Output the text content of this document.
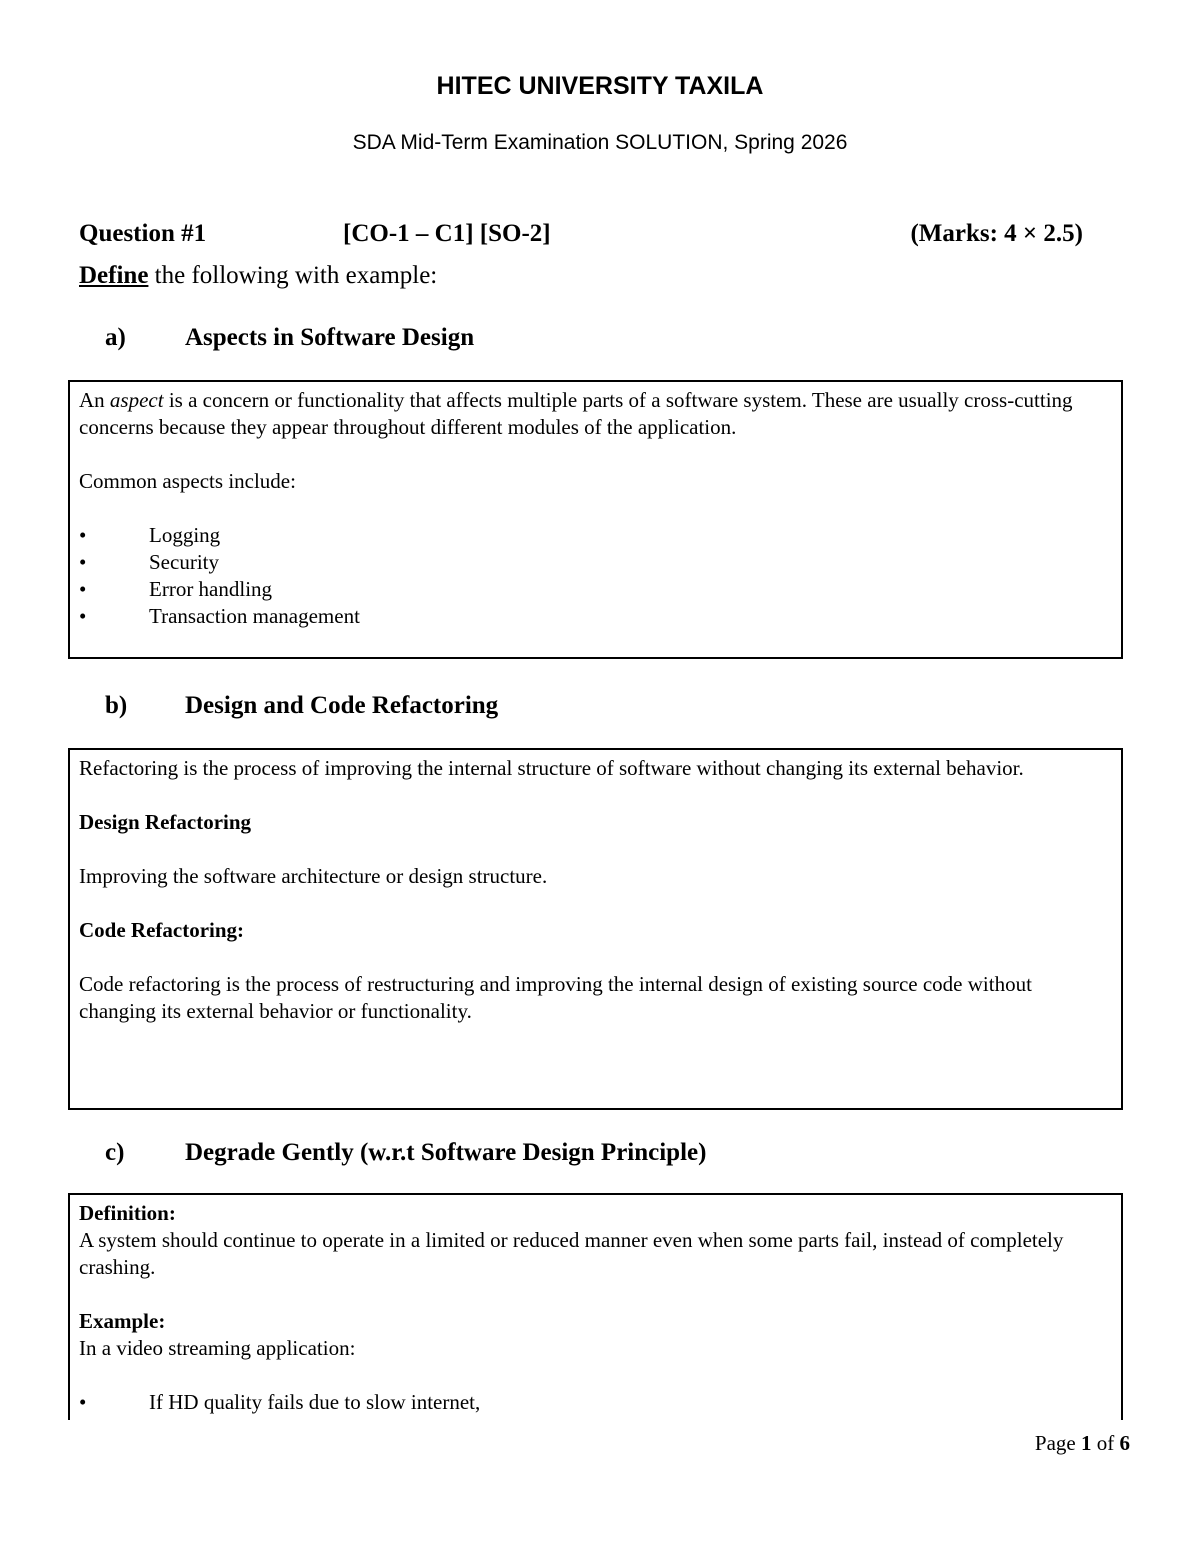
HITEC UNIVERSITY TAXILA
SDA Mid-Term Examination SOLUTION, Spring 2026
Question #1	[CO-1 – C1] [SO-2]	(Marks: 4 × 2.5)
Define the following with example:
a) Aspects in Software Design

An aspect is a concern or functionality that affects multiple parts of a software system. These are usually cross-cutting concerns because they appear throughout different modules of the application.

Common aspects include:

•	Logging
•	Security
•	Error handling
•	Transaction management
b) Design and Code Refactoring

Refactoring is the process of improving the internal structure of software without changing its external behavior.

Design Refactoring

Improving the software architecture or design structure.

Code Refactoring:

Code refactoring is the process of restructuring and improving the internal design of existing source code without changing its external behavior or functionality.

c) Degrade Gently (w.r.t Software Design Principle)

Definition:

A system should continue to operate in a limited or reduced manner even when some parts fail, instead of completely crashing.

Example:

In a video streaming application:

•	If HD quality fails due to slow internet,
Page 1 of 6
